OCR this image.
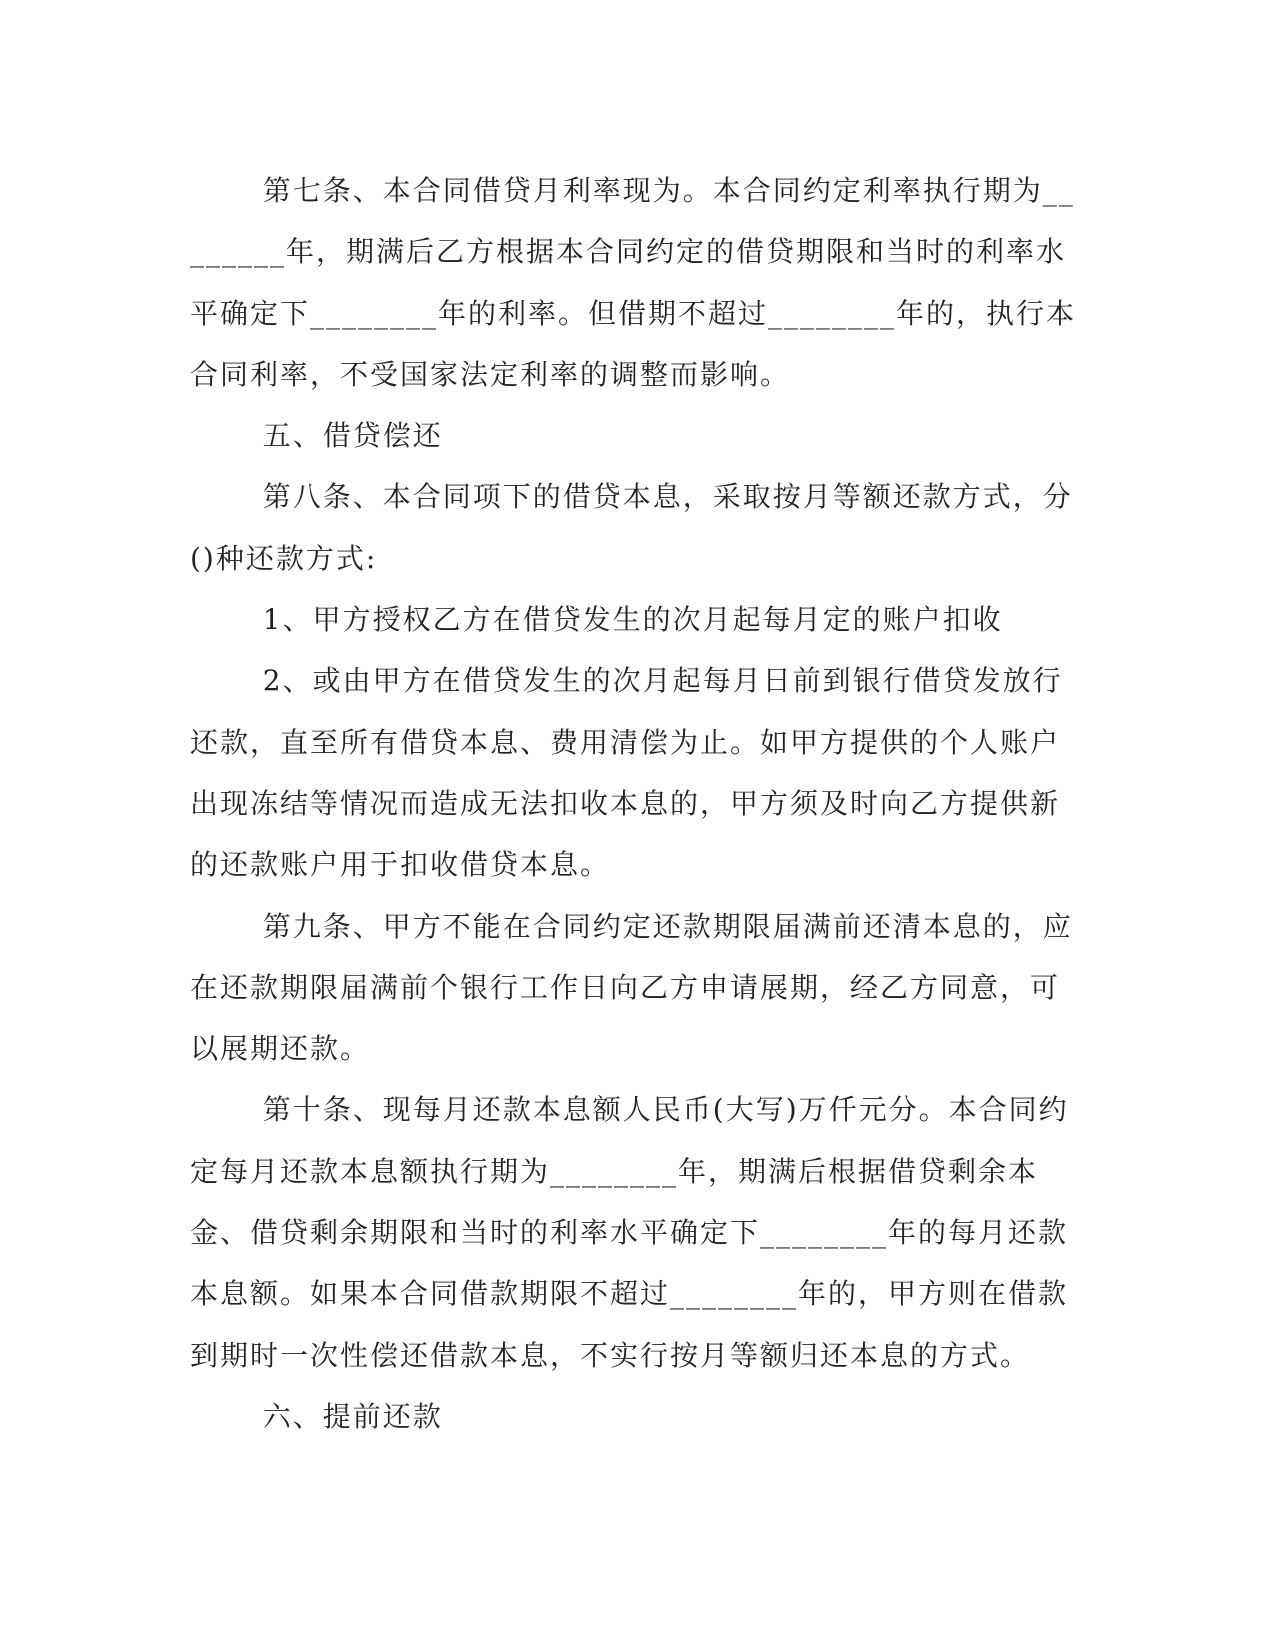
第七条、本合同借贷月利率现为。本合同约定利率执行期为________年，期满后乙方根据本合同约定的借贷期限和当时的利率水平确定下________年的利率。但借期不超过________年的，执行本合同利率，不受国家法定利率的调整而影响。

五、借贷偿还

第八条、本合同项下的借贷本息，采取按月等额还款方式，分()种还款方式:

1、甲方授权乙方在借贷发生的次月起每月定的账户扣收

2、或由甲方在借贷发生的次月起每月日前到银行借贷发放行还款，直至所有借贷本息、费用清偿为止。如甲方提供的个人账户出现冻结等情况而造成无法扣收本息的，甲方须及时向乙方提供新的还款账户用于扣收借贷本息。

第九条、甲方不能在合同约定还款期限届满前还清本息的，应在还款期限届满前个银行工作日向乙方申请展期，经乙方同意，可以展期还款。

第十条、现每月还款本息额人民币(大写)万仟元分。本合同约定每月还款本息额执行期为________年，期满后根据借贷剩余本金、借贷剩余期限和当时的利率水平确定下________年的每月还款本息额。如果本合同借款期限不超过________年的，甲方则在借款到期时一次性偿还借款本息，不实行按月等额归还本息的方式。

六、提前还款
